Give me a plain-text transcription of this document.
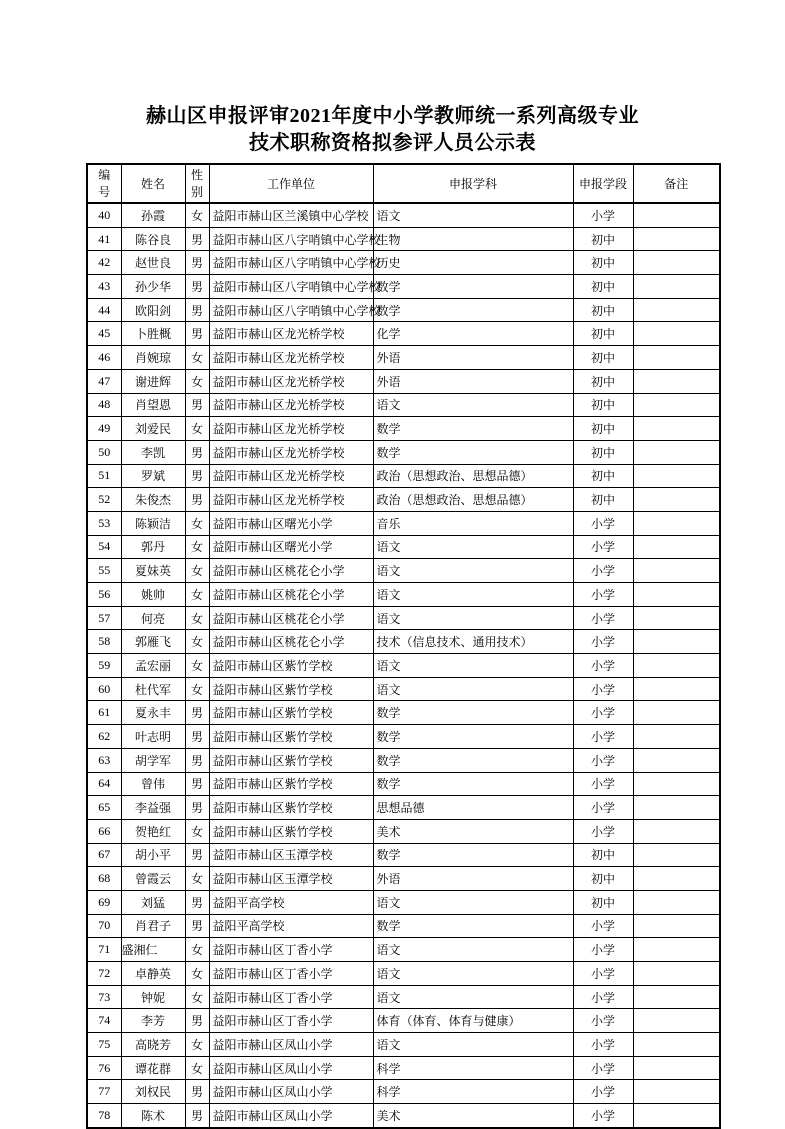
赫山区申报评审2021年度中小学教师统一系列高级专业
技术职称资格拟参评人员公示表
编号	姓名	性别	工作单位	申报学科	申报学段	备注
40	孙霞	女	益阳市赫山区兰溪镇中心学校	语文	小学	
41	陈谷良	男	益阳市赫山区八字哨镇中心学校	生物	初中	
42	赵世良	男	益阳市赫山区八字哨镇中心学校	历史	初中	
43	孙少华	男	益阳市赫山区八字哨镇中心学校	数学	初中	
44	欧阳剑	男	益阳市赫山区八字哨镇中心学校	数学	初中	
45	卜胜概	男	益阳市赫山区龙光桥学校	化学	初中	
46	肖婉琼	女	益阳市赫山区龙光桥学校	外语	初中	
47	谢进辉	女	益阳市赫山区龙光桥学校	外语	初中	
48	肖望恩	男	益阳市赫山区龙光桥学校	语文	初中	
49	刘爱民	女	益阳市赫山区龙光桥学校	数学	初中	
50	李凯	男	益阳市赫山区龙光桥学校	数学	初中	
51	罗斌	男	益阳市赫山区龙光桥学校	政治（思想政治、思想品德）	初中	
52	朱俊杰	男	益阳市赫山区龙光桥学校	政治（思想政治、思想品德）	初中	
53	陈颖洁	女	益阳市赫山区曙光小学	音乐	小学	
54	郭丹	女	益阳市赫山区曙光小学	语文	小学	
55	夏妹英	女	益阳市赫山区桃花仑小学	语文	小学	
56	姚帅	女	益阳市赫山区桃花仑小学	语文	小学	
57	何亮	女	益阳市赫山区桃花仑小学	语文	小学	
58	郭雁飞	女	益阳市赫山区桃花仑小学	技术（信息技术、通用技术）	小学	
59	孟宏丽	女	益阳市赫山区紫竹学校	语文	小学	
60	杜代军	女	益阳市赫山区紫竹学校	语文	小学	
61	夏永丰	男	益阳市赫山区紫竹学校	数学	小学	
62	叶志明	男	益阳市赫山区紫竹学校	数学	小学	
63	胡学军	男	益阳市赫山区紫竹学校	数学	小学	
64	曾伟	男	益阳市赫山区紫竹学校	数学	小学	
65	李益强	男	益阳市赫山区紫竹学校	思想品德	小学	
66	贺艳红	女	益阳市赫山区紫竹学校	美术	小学	
67	胡小平	男	益阳市赫山区玉潭学校	数学	初中	
68	曾霞云	女	益阳市赫山区玉潭学校	外语	初中	
69	刘猛	男	益阳平高学校	语文	初中	
70	肖君子	男	益阳平高学校	数学	小学	
71	盛湘仁	女	益阳市赫山区丁香小学	语文	小学	
72	卓静英	女	益阳市赫山区丁香小学	语文	小学	
73	钟妮	女	益阳市赫山区丁香小学	语文	小学	
74	李芳	男	益阳市赫山区丁香小学	体育（体育、体育与健康）	小学	
75	高晓芳	女	益阳市赫山区凤山小学	语文	小学	
76	谭花群	女	益阳市赫山区凤山小学	科学	小学	
77	刘权民	男	益阳市赫山区凤山小学	科学	小学	
78	陈术	男	益阳市赫山区凤山小学	美术	小学	
